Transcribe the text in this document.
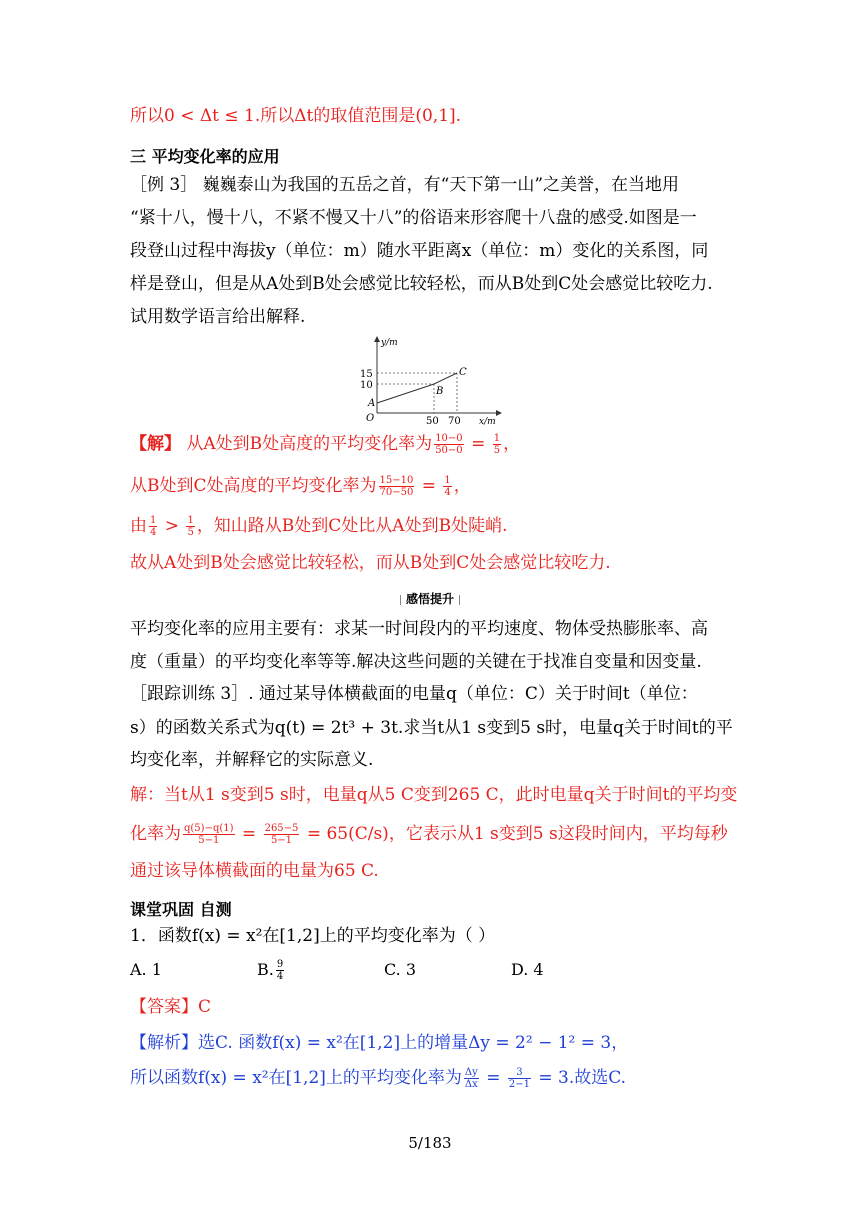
所以0 < Δt ≤ 1.所以Δt的取值范围是(0,1].
三 平均变化率的应用
［例 3］ 巍巍泰山为我国的五岳之首，有“天下第一山”之美誉，在当地用
“紧十八，慢十八，不紧不慢又十八”的俗语来形容爬十八盘的感受.如图是一
段登山过程中海拔y（单位：m）随水平距离x（单位：m）变化的关系图，同
样是登山，但是从A处到B处会感觉比较轻松，而从B处到C处会感觉比较吃力.
试用数学语言给出解释.
y/m
x/m
O
A
B
C
15
10
50 70
【解】 从A处到B处高度的平均变化率为 $\frac{10-0}{50-0} = \frac{1}{5}$ ，
从B处到C处高度的平均变化率为 $\frac{15-10}{70-50} = \frac{1}{4}$ ，
由 $\frac{1}{4} > \frac{1}{5}$ ，知山路从B处到C处比从A处到B处陡峭.
故从A处到B处会感觉比较轻松，而从B处到C处会感觉比较吃力.
感悟提升
平均变化率的应用主要有：求某一时间段内的平均速度、物体受热膨胀率、高
度（重量）的平均变化率等等.解决这些问题的关键在于找准自变量和因变量.
［跟踪训练 3］. 通过某导体横截面的电量q（单位：C）关于时间t（单位：
s）的函数关系式为q(t) = 2t³ + 3t.求当t从1 s变到5 s时，电量q关于时间t的平
均变化率，并解释它的实际意义.
解：当t从1 s变到5 s时，电量q从5 C变到265 C，此时电量q关于时间t的平均变
化率为 $\frac{q(5)-q(1)}{5-1} = \frac{265-5}{5-1} = 65(C/s)$，它表示从1 s变到5 s这段时间内，平均每秒
通过该导体横截面的电量为65 C.
课堂巩固 自测
1．函数f(x) = x²在[1,2]上的平均变化率为（ ）
A. 1	B. $\frac{9}{4}$	C. 3	D. 4
【答案】C
【解析】选C. 函数f(x) = x²在[1,2]上的增量Δy = 2² − 1² = 3，
所以函数f(x) = x²在[1,2]上的平均变化率为 $\frac{\Delta y}{\Delta x} = \frac{3}{2-1} = 3$.故选C.
5/183
